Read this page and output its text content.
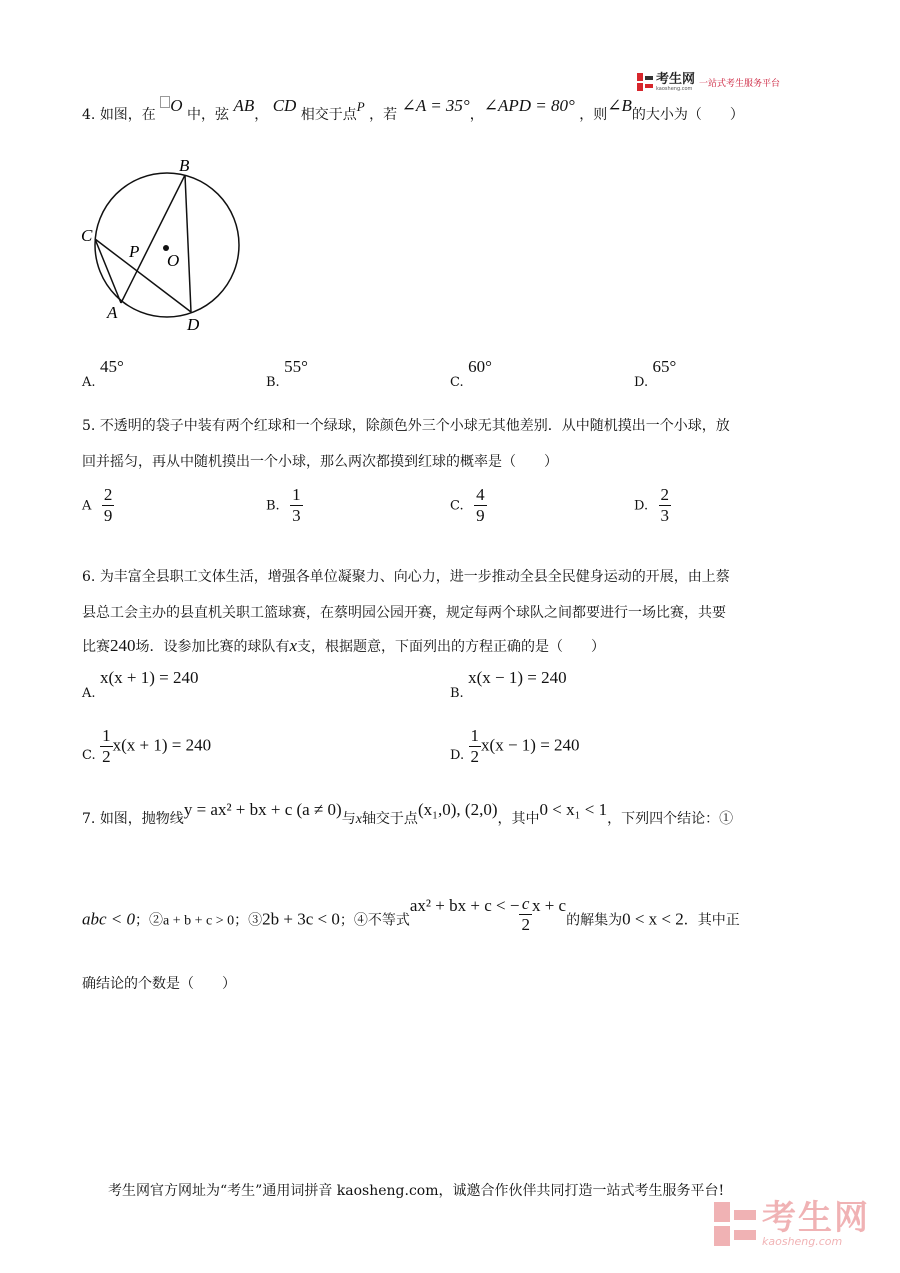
考生网
kaosheng.com 一站式考生服务平台
4. 如图，在 O 中，弦 AB， CD 相交于点P ，若 ∠A = 35°，∠APD = 80° ，则∠B的大小为（　　）
B
C
P O
A
D
A. 45°
B. 55°
C. 60°
D. 65°
5. 不透明的袋子中装有两个红球和一个绿球，除颜色外三个小球无其他差别．从中随机摸出一个小球，放
回并摇匀，再从中随机摸出一个小球，那么两次都摸到红球的概率是（　　）
A $\frac{2}{9}$	B. $\frac{1}{3}$	C. $\frac{4}{9}$	D. $\frac{2}{3}$
6. 为丰富全县职工文体生活，增强各单位凝聚力、向心力，进一步推动全县全民健身运动的开展，由上蔡
县总工会主办的县直机关职工篮球赛，在蔡明园公园开赛，规定每两个球队之间都要进行一场比赛，共要
比赛240场．设参加比赛的球队有x支，根据题意，下面列出的方程正确的是（　　）
A. x(x + 1) = 240
B. x(x − 1) = 240
C. $\frac{1}{2} x(x + 1) = 240$
D. $\frac{1}{2} x(x - 1) = 240$
7. 如图，抛物线y = ax² + bx + c (a ≠ 0)与x轴交于点(x₁,0), (2,0)，其中0 < x₁ < 1，下列四个结论：①
abc < 0；②a + b + c > 0；③2b + 3c < 0；④不等式ax² + bx + c < − $\frac{c}{2}$ x + c的解集为0 < x < 2．其中正
确结论的个数是（　　）
考生网官方网址为“考生”通用词拼音 kaosheng.com，诚邀合作伙伴共同打造一站式考生服务平台!
考生网
kaosheng.com
